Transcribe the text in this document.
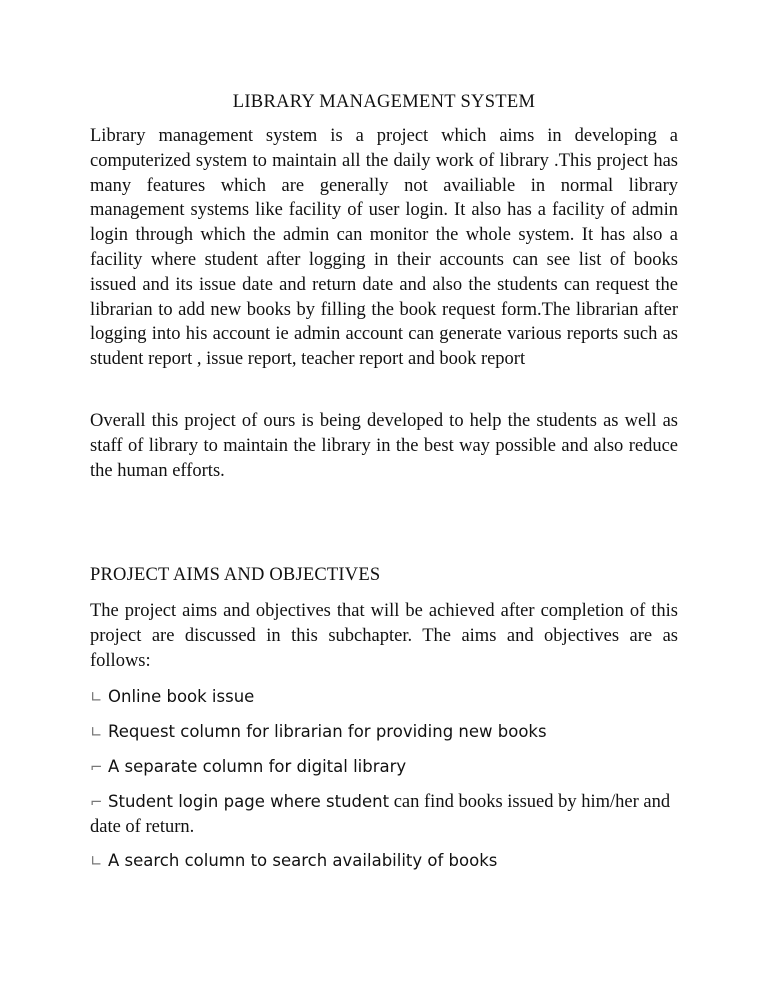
LIBRARY MANAGEMENT SYSTEM

Library management system is a project which aims in developing a computerized system to maintain all the daily work of library .This project has many features which are generally not availiable in normal library management systems like facility of user login. It also has a facility of admin login through which the admin can monitor the whole system. It has also a facility where student after logging in their accounts can see list of books issued and its issue date and return date and also the students can request the librarian to add new books by filling the book request form.The librarian after logging into his account ie admin account can generate various reports such as student report , issue report, teacher report and book report

Overall this project of ours is being developed to help the students as well as staff of library to maintain the library in the best way possible and also reduce the human efforts.

PROJECT AIMS AND OBJECTIVES

The project aims and objectives that will be achieved after completion of this project are discussed in this subchapter. The aims and objectives are as follows:

∟ Online book issue
∟ Request column for librarian for providing new books
⌐ A separate column for digital library
⌐ Student login page where student can find books issued by him/her and date of return.
∟ A search column to search availability of books
